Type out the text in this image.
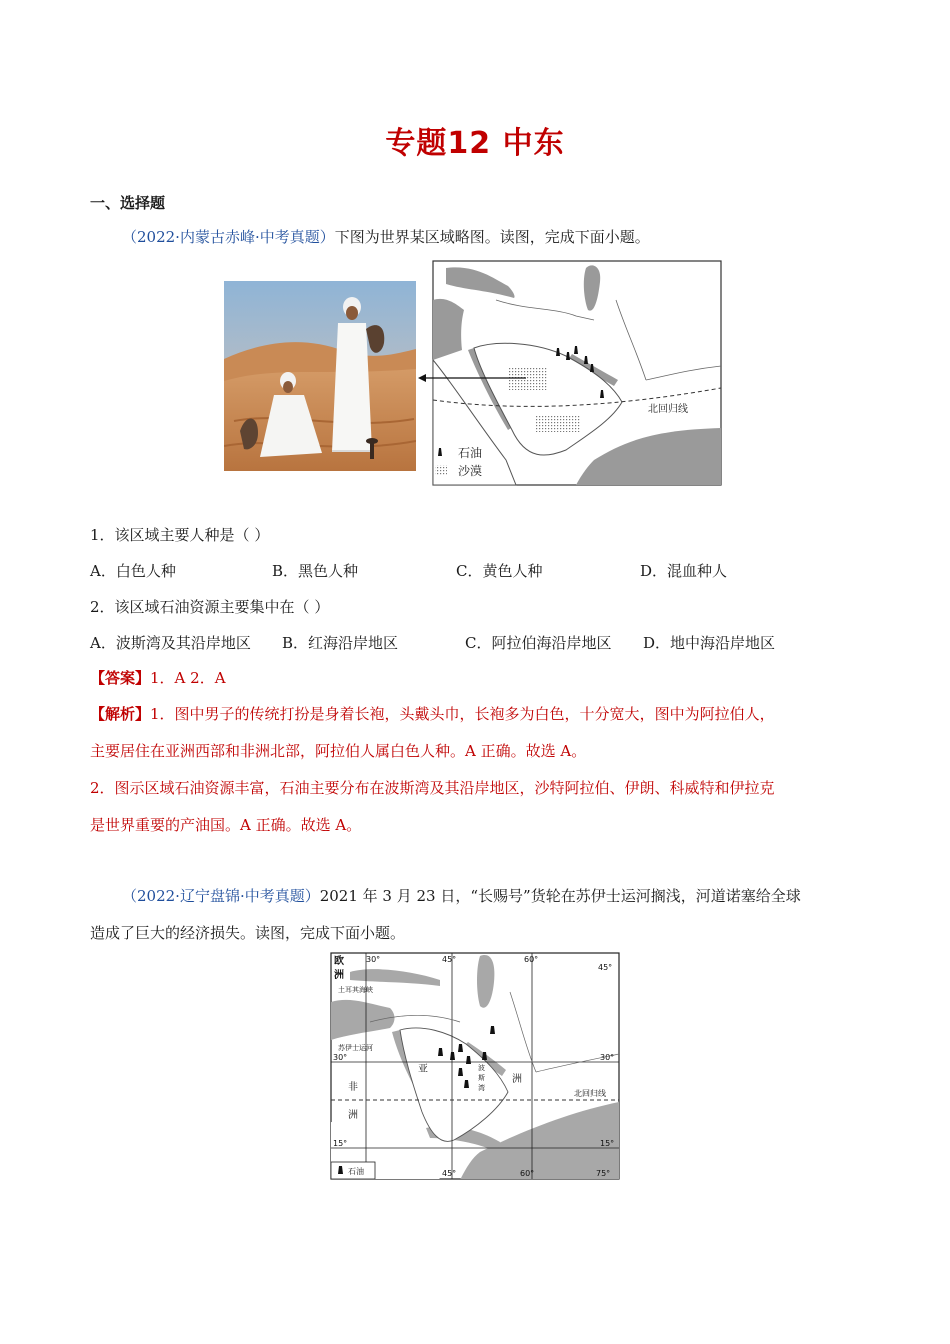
专题12 中东
一、选择题
（2022·内蒙古赤峰·中考真题）下图为世界某区域略图。读图，完成下面小题。
北回归线
石油
沙漠
1．该区域主要人种是（ ）
A．白色人种	B．黑色人种	C．黄色人种	D．混血种人
2．该区域石油资源主要集中在（ ）
A．波斯湾及其沿岸地区 B．红海沿岸地区	C．阿拉伯海沿岸地区 D．地中海沿岸地区
【答案】1．A 2．A
【解析】1．图中男子的传统打扮是身着长袍，头戴头巾，长袍多为白色，十分宽大，图中为阿拉伯人，
主要居住在亚洲西部和非洲北部，阿拉伯人属白色人种。A 正确。故选 A。
2．图示区域石油资源丰富，石油主要分布在波斯湾及其沿岸地区，沙特阿拉伯、伊朗、科威特和伊拉克
是世界重要的产油国。A 正确。故选 A。
（2022·辽宁盘锦·中考真题）2021 年 3 月 23 日，“长赐号”货轮在苏伊士运河搁浅，河道诺塞给全球
造成了巨大的经济损失。读图，完成下面小题。
欧
洲
土耳其海峡
苏伊士运河
亚
洲
非
洲
波
斯
湾
北回归线
30°	45°	60°
45°
30°	30°
15°	15°
45°	60°	75°
石油
